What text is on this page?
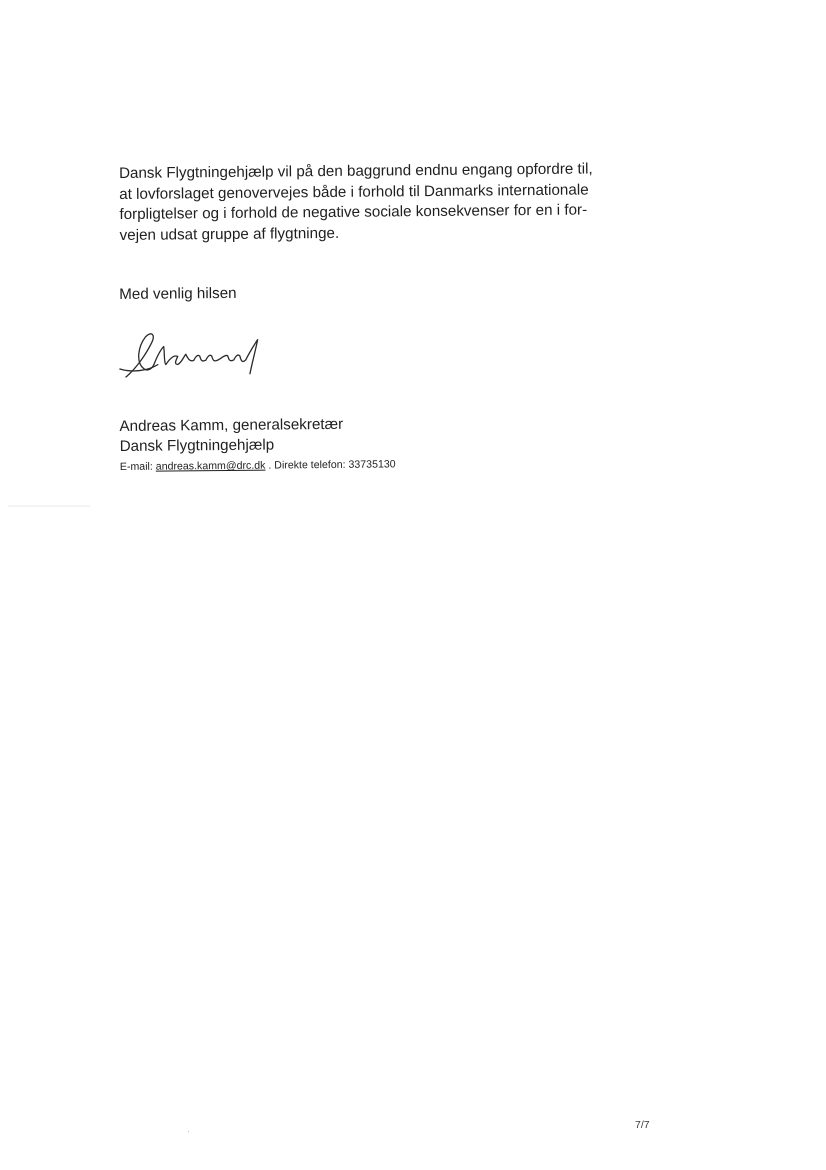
Dansk Flygtningehjælp vil på den baggrund endnu engang opfordre til,
at lovforslaget genovervejes både i forhold til Danmarks internationale
forpligtelser og i forhold de negative sociale konsekvenser for en i for-
vejen udsat gruppe af flygtninge.

Med venlig hilsen

Andreas Kamm, generalsekretær

Dansk Flygtningehjælp

E-mail: andreas.kamm@drc.dk . Direkte telefon: 33735130

7/7
